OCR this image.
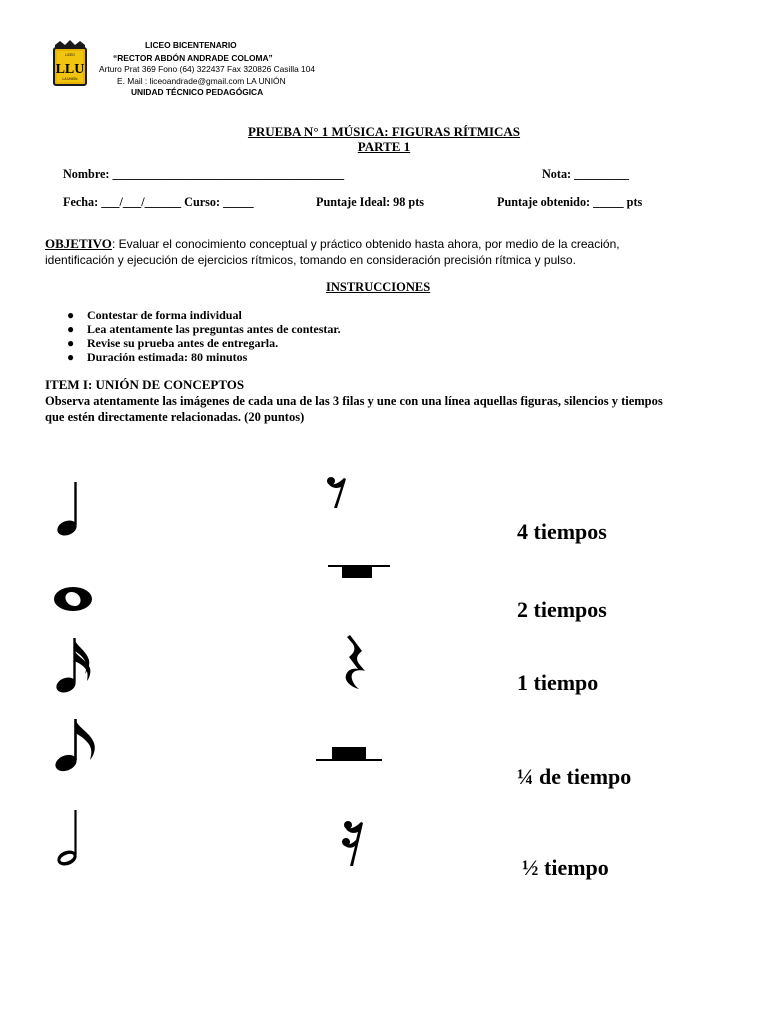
LICEO
LLU
LA UNION
LICEO BICENTENARIO
“RECTOR ABDÓN ANDRADE COLOMA”
Arturo Prat 369 Fono (64) 322437 Fax 320826 Casilla 104
E. Mail : liceoandrade@gmail.com LA UNIÓN
UNIDAD TÉCNICO PEDAGÓGICA
PRUEBA N° 1 MÚSICA: FIGURAS RÍTMICAS
PARTE 1
Nombre: ______________________________________	Nota: _________
Fecha: ___/___/______ Curso: _____	Puntaje Ideal: 98 pts	Puntaje obtenido: _____ pts
OBJETIVO: Evaluar el conocimiento conceptual y práctico obtenido hasta ahora, por medio de la creación, identificación y ejecución de ejercicios rítmicos, tomando en consideración precisión rítmica y pulso.
INSTRUCCIONES
● Contestar de forma individual
● Lea atentamente las preguntas antes de contestar.
● Revise su prueba antes de entregarla.
● Duración estimada: 80 minutos
ITEM I: UNIÓN DE CONCEPTOS
Observa atentamente las imágenes de cada una de las 3 filas y une con una línea aquellas figuras, silencios y tiempos que estén directamente relacionadas. (20 puntos)
4 tiempos
2 tiempos
1 tiempo
¼ de tiempo
½ tiempo
